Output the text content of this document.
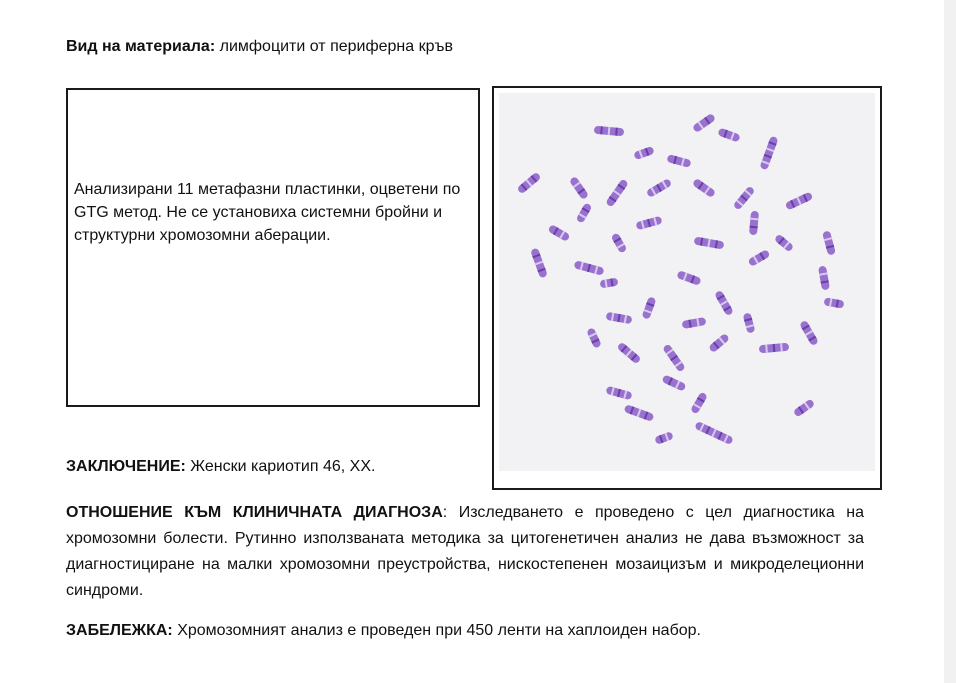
Вид на материала: лимфоцити от периферна кръв
Анализирани 11 метафазни пластинки, оцветени по GTG метод. Не се установиха системни бройни и структурни хромозомни аберации.
ЗАКЛЮЧЕНИЕ: Женски кариотип 46, XX.
ОТНОШЕНИЕ КЪМ КЛИНИЧНАТА ДИАГНОЗА: Изследването е проведено с цел диагностика на хромозомни болести. Рутинно използваната методика за цитогенетичен анализ не дава възможност за диагностициране на малки хромозомни преустройства, нискостепенен мозаицизъм и микроделеционни синдроми.
ЗАБЕЛЕЖКА: Хромозомният анализ е проведен при 450 ленти на хаплоиден набор.
